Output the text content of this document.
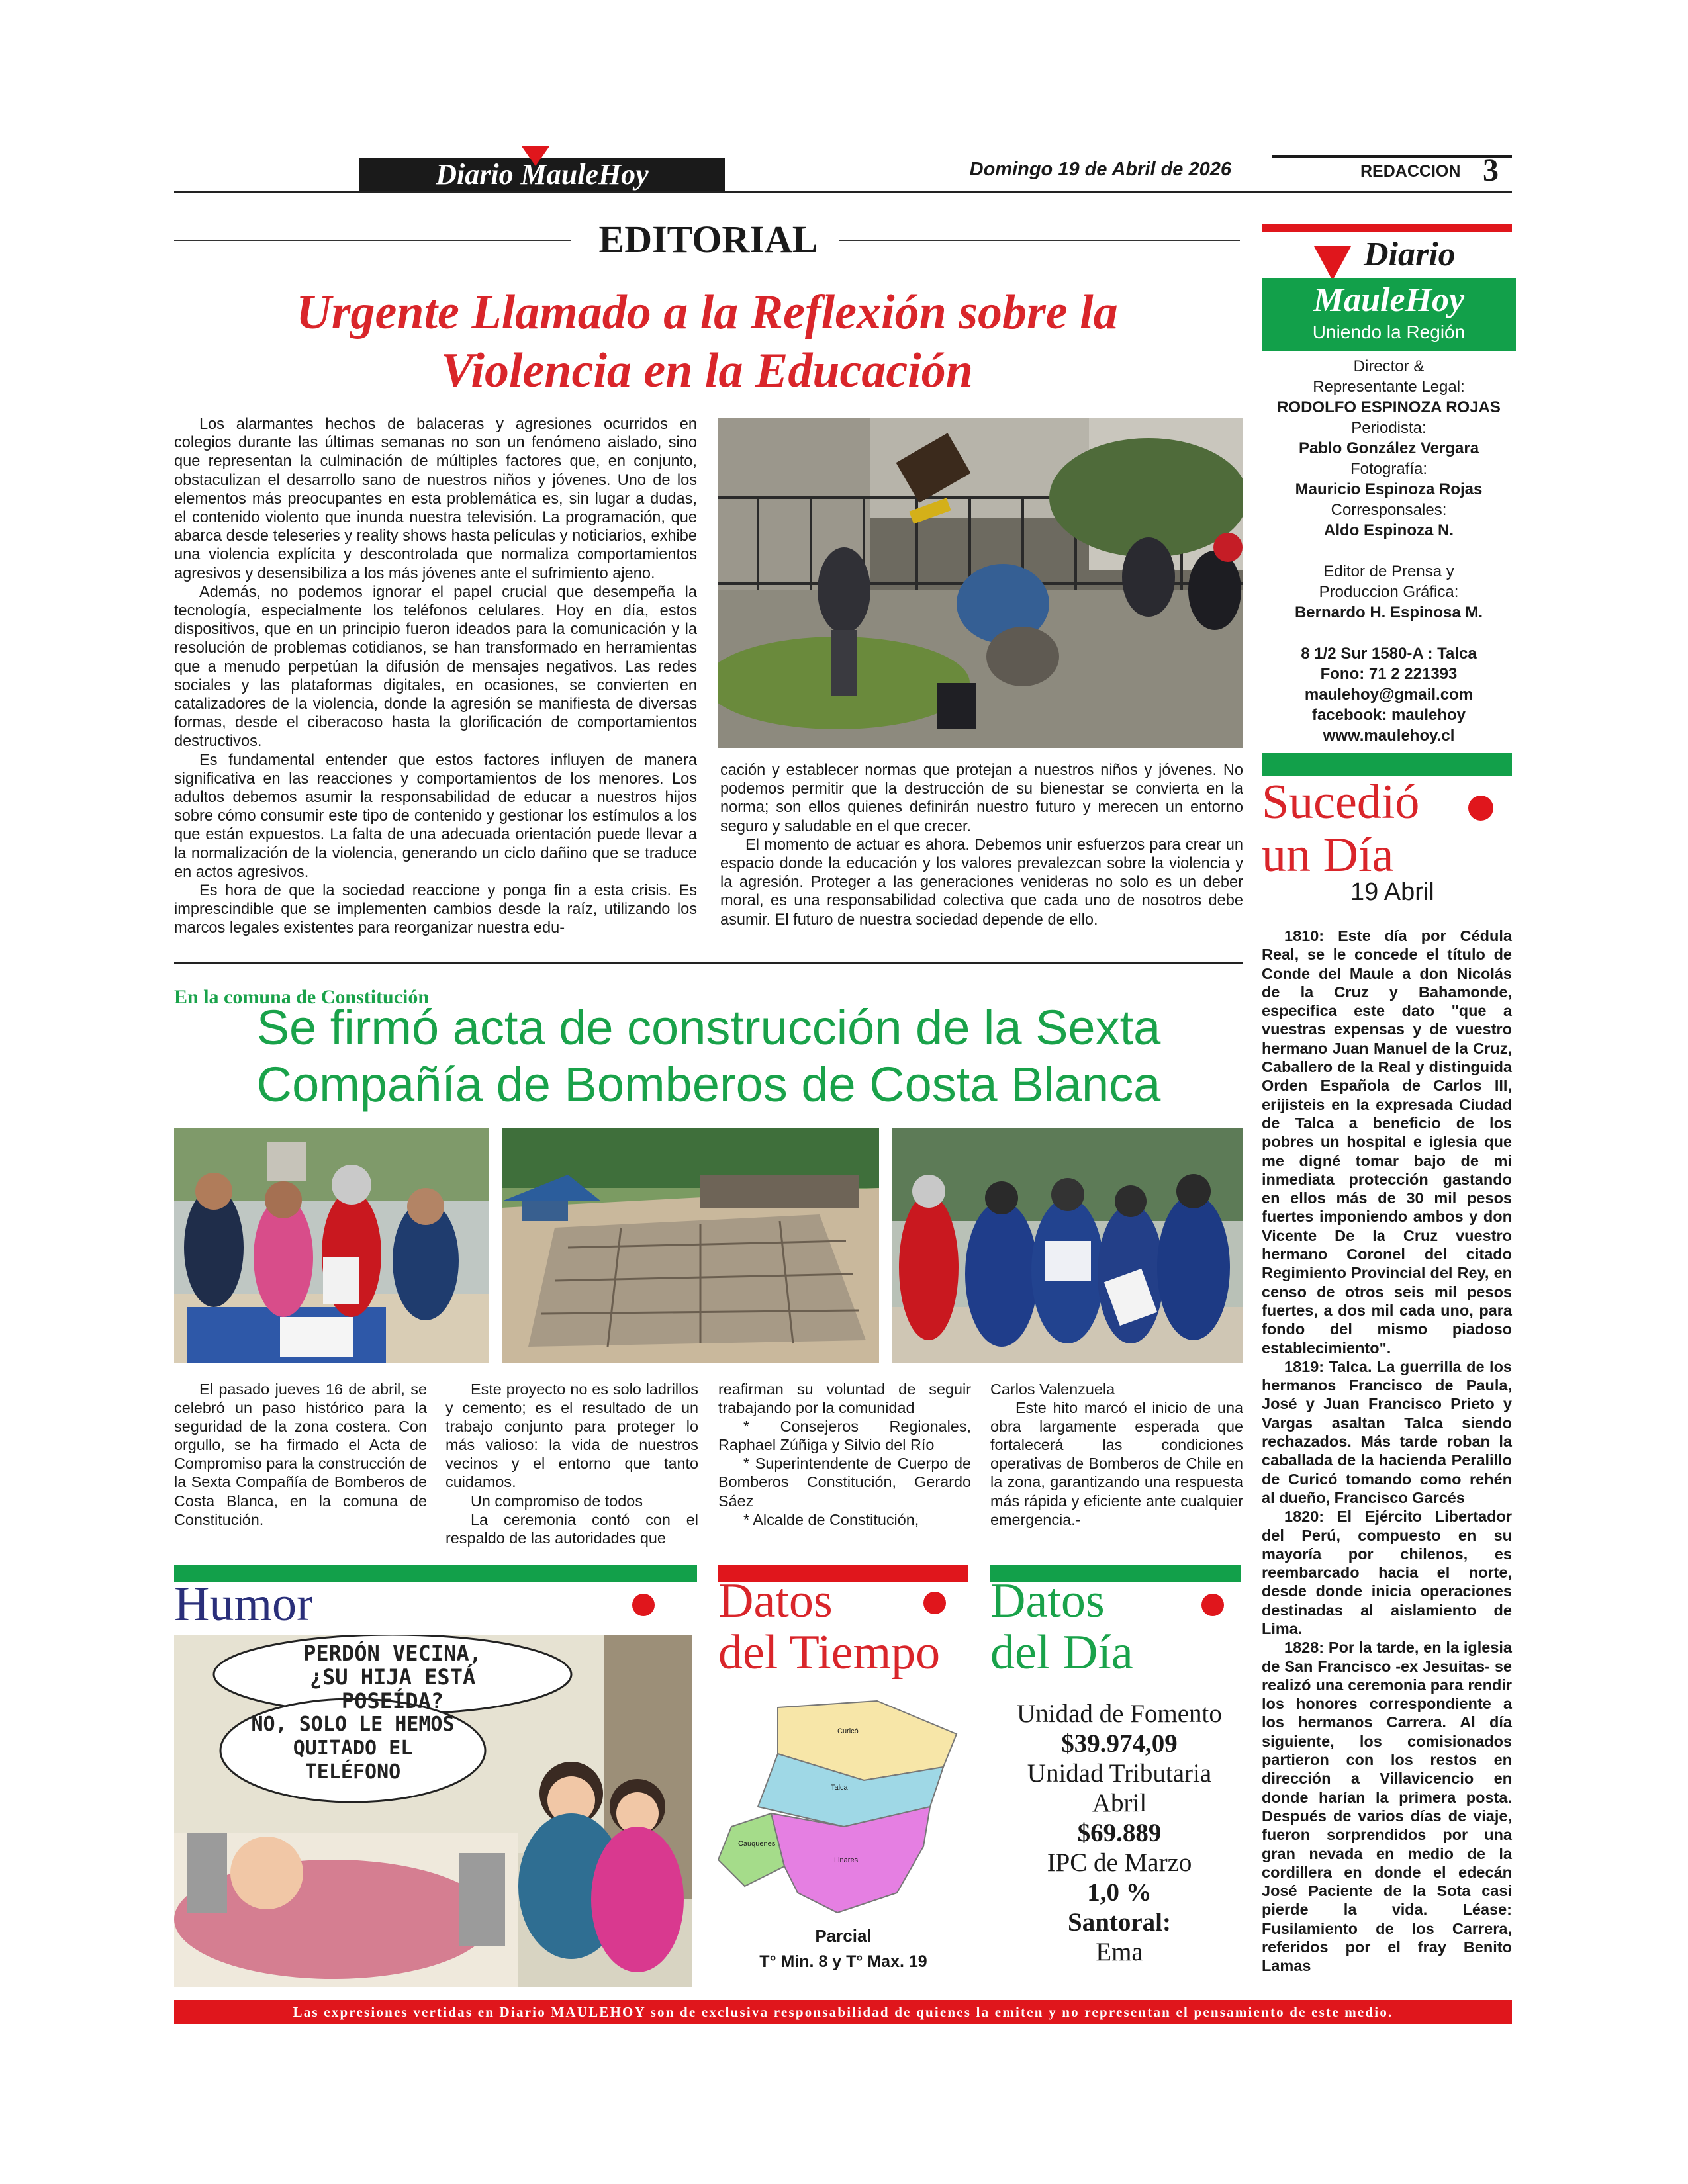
Diario MauleHoy	Domingo 19 de Abril de 2026	REDACCION 3
EDITORIAL
Urgente Llamado a la Reflexión sobre la
Violencia en la Educación

Los alarmantes hechos de balaceras y agresiones ocurridos en colegios durante las últimas semanas no son un fenómeno aislado, sino que representan la culminación de múltiples factores que, en conjunto, obstaculizan el desarrollo sano de nuestros niños y jóvenes. Uno de los elementos más preocupantes en esta problemática es, sin lugar a dudas, el contenido violento que inunda nuestra televisión. La programación, que abarca desde teleseries y reality shows hasta películas y noticiarios, exhibe una violencia explícita y descontrolada que normaliza comportamientos agresivos y desensibiliza a los más jóvenes ante el sufrimiento ajeno.

Además, no podemos ignorar el papel crucial que desempeña la tecnología, especialmente los teléfonos celulares. Hoy en día, estos dispositivos, que en un principio fueron ideados para la comunicación y la resolución de problemas cotidianos, se han transformado en herramientas que a menudo perpetúan la difusión de mensajes negativos. Las redes sociales y las plataformas digitales, en ocasiones, se convierten en catalizadores de la violencia, donde la agresión se manifiesta de diversas formas, desde el ciberacoso hasta la glorificación de comportamientos destructivos.

Es fundamental entender que estos factores influyen de manera significativa en las reacciones y comportamientos de los menores. Los adultos debemos asumir la responsabilidad de educar a nuestros hijos sobre cómo consumir este tipo de contenido y gestionar los estímulos a los que están expuestos. La falta de una adecuada orientación puede llevar a la normalización de la violencia, generando un ciclo dañino que se traduce en actos agresivos.

Es hora de que la sociedad reaccione y ponga fin a esta crisis. Es imprescindible que se implementen cambios desde la raíz, utilizando los marcos legales existentes para reorganizar nuestra edu-

cación y establecer normas que protejan a nuestros niños y jóvenes. No podemos permitir que la destrucción de su bienestar se convierta en la norma; son ellos quienes definirán nuestro futuro y merecen un entorno seguro y saludable en el que crecer.

El momento de actuar es ahora. Debemos unir esfuerzos para crear un espacio donde la educación y los valores prevalezcan sobre la violencia y la agresión. Proteger a las generaciones venideras no solo es un deber moral, es una responsabilidad colectiva que cada uno de nosotros debe asumir. El futuro de nuestra sociedad depende de ello.

En la comuna de Constitución
Se firmó acta de construcción de la Sexta
Compañía de Bomberos de Costa Blanca

El pasado jueves 16 de abril, se celebró un paso histórico para la seguridad de la zona costera. Con orgullo, se ha firmado el Acta de Compromiso para la construcción de la Sexta Compañía de Bomberos de Costa Blanca, en la comuna de Constitución.

Este proyecto no es solo ladrillos y cemento; es el resultado de un trabajo conjunto para proteger lo más valioso: la vida de nuestros vecinos y el entorno que tanto cuidamos.

Un compromiso de todos

La ceremonia contó con el respaldo de las autoridades que

reafirman su voluntad de seguir trabajando por la comunidad

* Consejeros Regionales, Raphael Zúñiga y Silvio del Río

* Superintendente de Cuerpo de Bomberos Constitución, Gerardo Sáez

* Alcalde de Constitución,

Carlos Valenzuela

Este hito marcó el inicio de una obra largamente esperada que fortalecerá las condiciones operativas de Bomberos de Chile en la zona, garantizando una respuesta más rápida y eficiente ante cualquier emergencia.-

Humor
PERDÓN VECINA,
¿SU HIJA ESTÁ
POSEÍDA?
NO, SOLO LE HEMOS
QUITADO EL
TELÉFONO
Datos
del Tiempo
Curicó
Talca
Cauquenes
Linares
Parcial
T° Min. 8 y T° Max. 19
Datos
del Día
Unidad de Fomento
$39.974,09
Unidad Tributaria
Abril
$69.889
IPC de Marzo
1,0 %
Santoral:
Ema
Diario
MauleHoy
Uniendo la Región
Director &
Representante Legal:
RODOLFO ESPINOZA ROJAS
Periodista:
Pablo González Vergara
Fotografía:
Mauricio Espinoza Rojas
Corresponsales:
Aldo Espinoza N.
Editor de Prensa y
Produccion Gráfica:
Bernardo H. Espinosa M.
8 1/2 Sur 1580-A : Talca
Fono: 71 2 221393
maulehoy@gmail.com
facebook: maulehoy
www.maulehoy.cl
Sucedió
un Día
19 Abril

1810: Este día por Cédula Real, se le concede el título de Conde del Maule a don Nicolás de la Cruz y Bahamonde, especifica este dato "que a vuestras expensas y de vuestro hermano Juan Manuel de la Cruz, Caballero de la Real y distinguida Orden Española de Carlos III, erijisteis en la expresada Ciudad de Talca a beneficio de los pobres un hospital e iglesia que me digné tomar bajo de mi inmediata protección gastando en ellos más de 30 mil pesos fuertes imponiendo ambos y don Vicente De la Cruz vuestro hermano Coronel del citado Regimiento Provincial del Rey, en censo de otros seis mil pesos fuertes, a dos mil cada uno, para fondo del mismo piadoso establecimiento".

1819: Talca. La guerrilla de los hermanos Francisco de Paula, José y Juan Francisco Prieto y Vargas asaltan Talca siendo rechazados. Más tarde roban la caballada de la hacienda Peralillo de Curicó tomando como rehén al dueño, Francisco Garcés

1820: El Ejército Libertador del Perú, compuesto en su mayoría por chilenos, es reembarcado hacia el norte, desde donde inicia operaciones destinadas al aislamiento de Lima.

1828: Por la tarde, en la iglesia de San Francisco -ex Jesuitas- se realizó una ceremonia para rendir los honores correspondiente a los hermanos Carrera. Al día siguiente, los comisionados partieron con los restos en dirección a Villavicencio en donde harían la primera posta. Después de varios días de viaje, fueron sorprendidos por una gran nevada en medio de la cordillera en donde el edecán José Paciente de la Sota casi pierde la vida. Léase: Fusilamiento de los Carrera, referidos por el fray Benito Lamas

Las expresiones vertidas en Diario MAULEHOY son de exclusiva responsabilidad de quienes la emiten y no representan el pensamiento de este medio.
